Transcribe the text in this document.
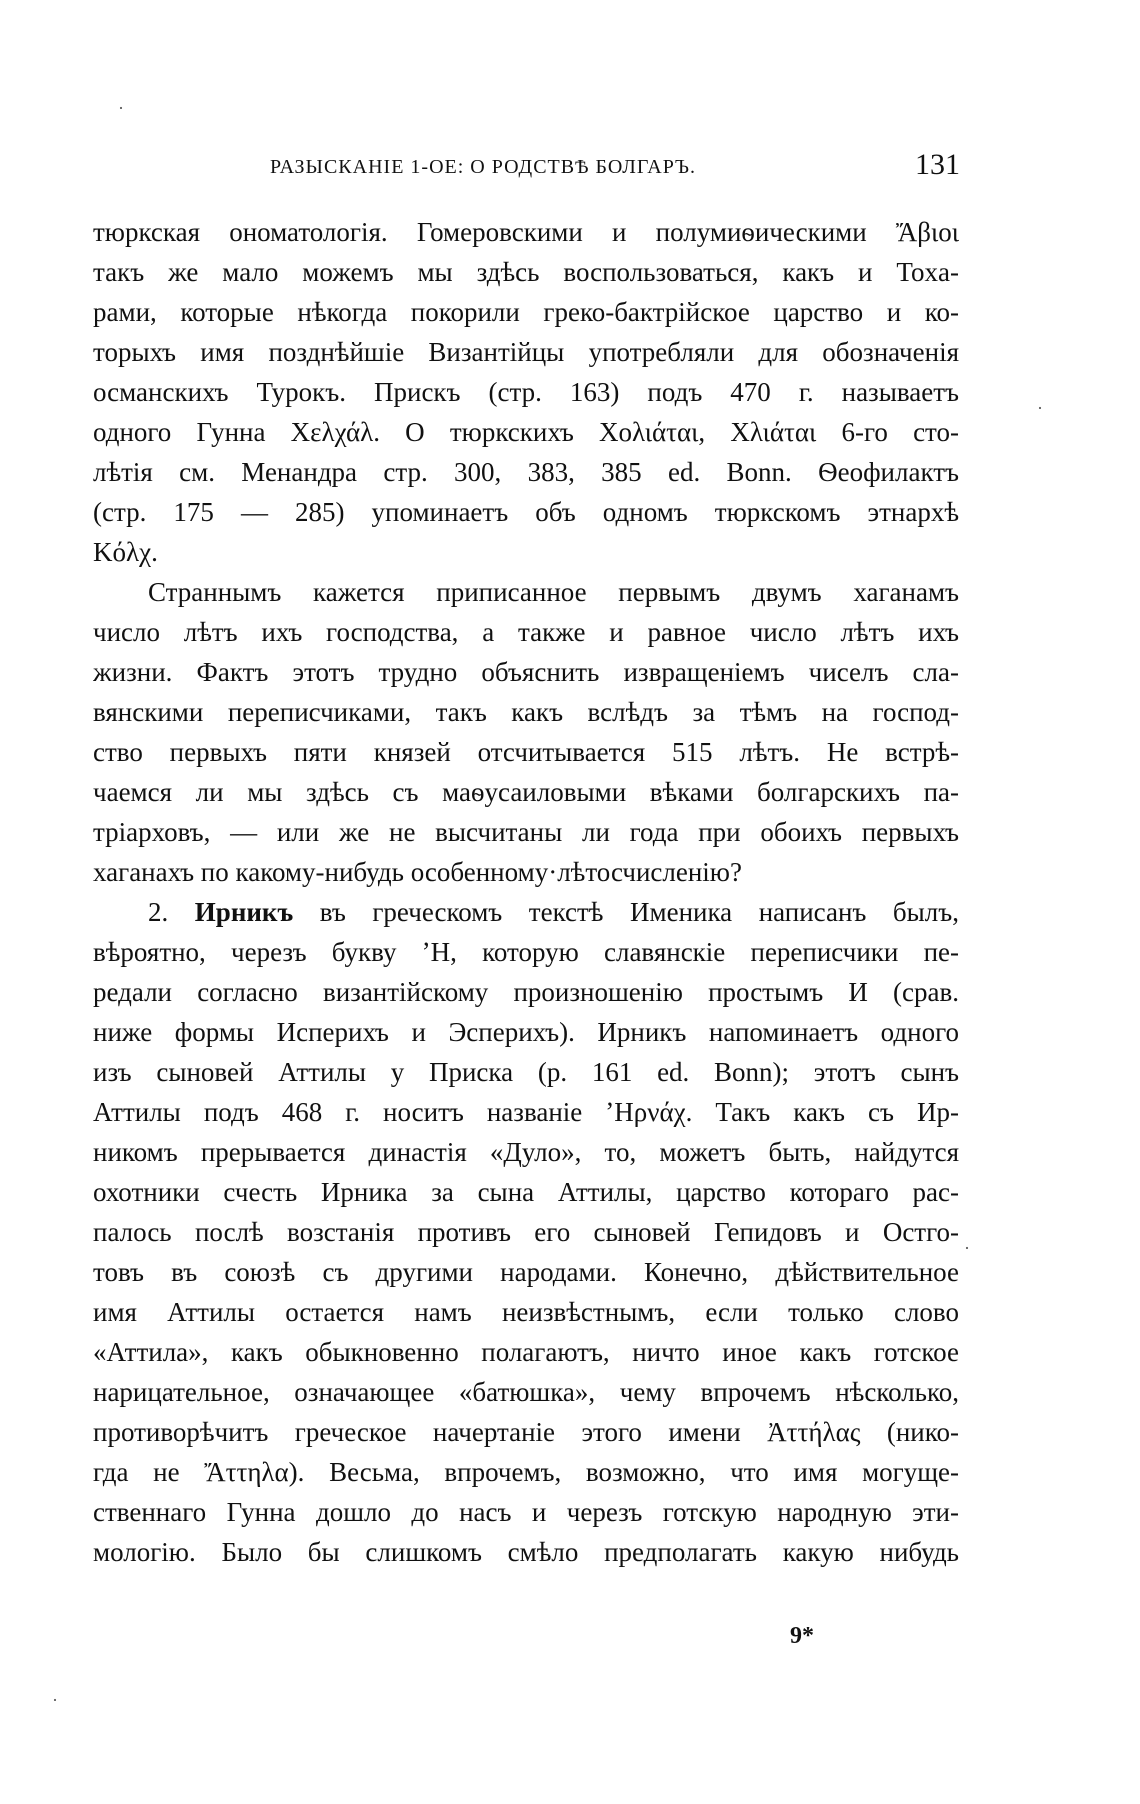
РАЗЫСКАНІЕ 1-ОЕ: О РОДСТВѢ БОЛГАРЪ.	131
тюркская ономатологія. Гомеровскими и полумиѳическими Ἄβιοι
такъ же мало можемъ мы здѣсь воспользоваться, какъ и Toxa-
рами, которые нѣкогда покорили греко-бактрійское царство и ко-
торыхъ имя позднѣйшіе Византійцы употребляли для обозначенія
османскихъ Турокъ. Прискъ (стр. 163) подъ 470 г. называетъ
одного Гунна Χελχάλ. О тюркскихъ Χολιάται, Χλιάται 6-го сто-
лѣтія см. Менандра стр. 300, 383, 385 ed. Bonn. Ѳеофилактъ
(стр. 175 — 285) упоминаетъ объ одномъ тюркскомъ этнархѣ
Κόλχ.
Страннымъ кажется приписанное первымъ двумъ хаганамъ
число лѣтъ ихъ господства, а также и равное число лѣтъ ихъ
жизни. Фактъ этотъ трудно объяснить извращеніемъ чиселъ сла-
вянскими переписчиками, такъ какъ вслѣдъ за тѣмъ на господ-
ство первыхъ пяти князей отсчитывается 515 лѣтъ. Не встрѣ-
чаемся ли мы здѣсь съ маѳусаиловыми вѣками болгарскихъ па-
тріарховъ, — или же не высчитаны ли года при обоихъ первыхъ
хаганахъ по какому-нибудь особенному·лѣтосчисленію?
2. Ирникъ въ греческомъ текстѣ Именика написанъ былъ,
вѣроятно, черезъ букву ʼΗ, которую славянскіе переписчики пе-
редали согласно византійскому произношенію простымъ И (срав.
ниже формы Исперихъ и Эсперихъ). Ирникъ напоминаетъ одного
изъ сыновей Аттилы у Приска (p. 161 ed. Bonn); этотъ сынъ
Аттилы подъ 468 г. носитъ названіе ʼΗρνάχ. Такъ какъ съ Ир-
никомъ прерывается династія «Дуло», то, можетъ быть, найдутся
охотники счесть Ирника за сына Аттилы, царство котораго рас-
палось послѣ возстанія противъ его сыновей Гепидовъ и Остго-
товъ въ союзѣ съ другими народами. Конечно, дѣйствительное
имя Аттилы остается намъ неизвѣстнымъ, если только слово
«Аттила», какъ обыкновенно полагаютъ, ничто иное какъ готское
нарицательное, означающее «батюшка», чему впрочемъ нѣсколько,
противорѣчитъ греческое начертаніе этого имени Ἀττήλας (нико-
гда не Ἄττηλα). Весьма, впрочемъ, возможно, что имя могуще-
ственнаго Гунна дошло до насъ и черезъ готскую народную эти-
мологію. Было бы слишкомъ смѣло предполагать какую нибудь
9*
·
·
·
·
